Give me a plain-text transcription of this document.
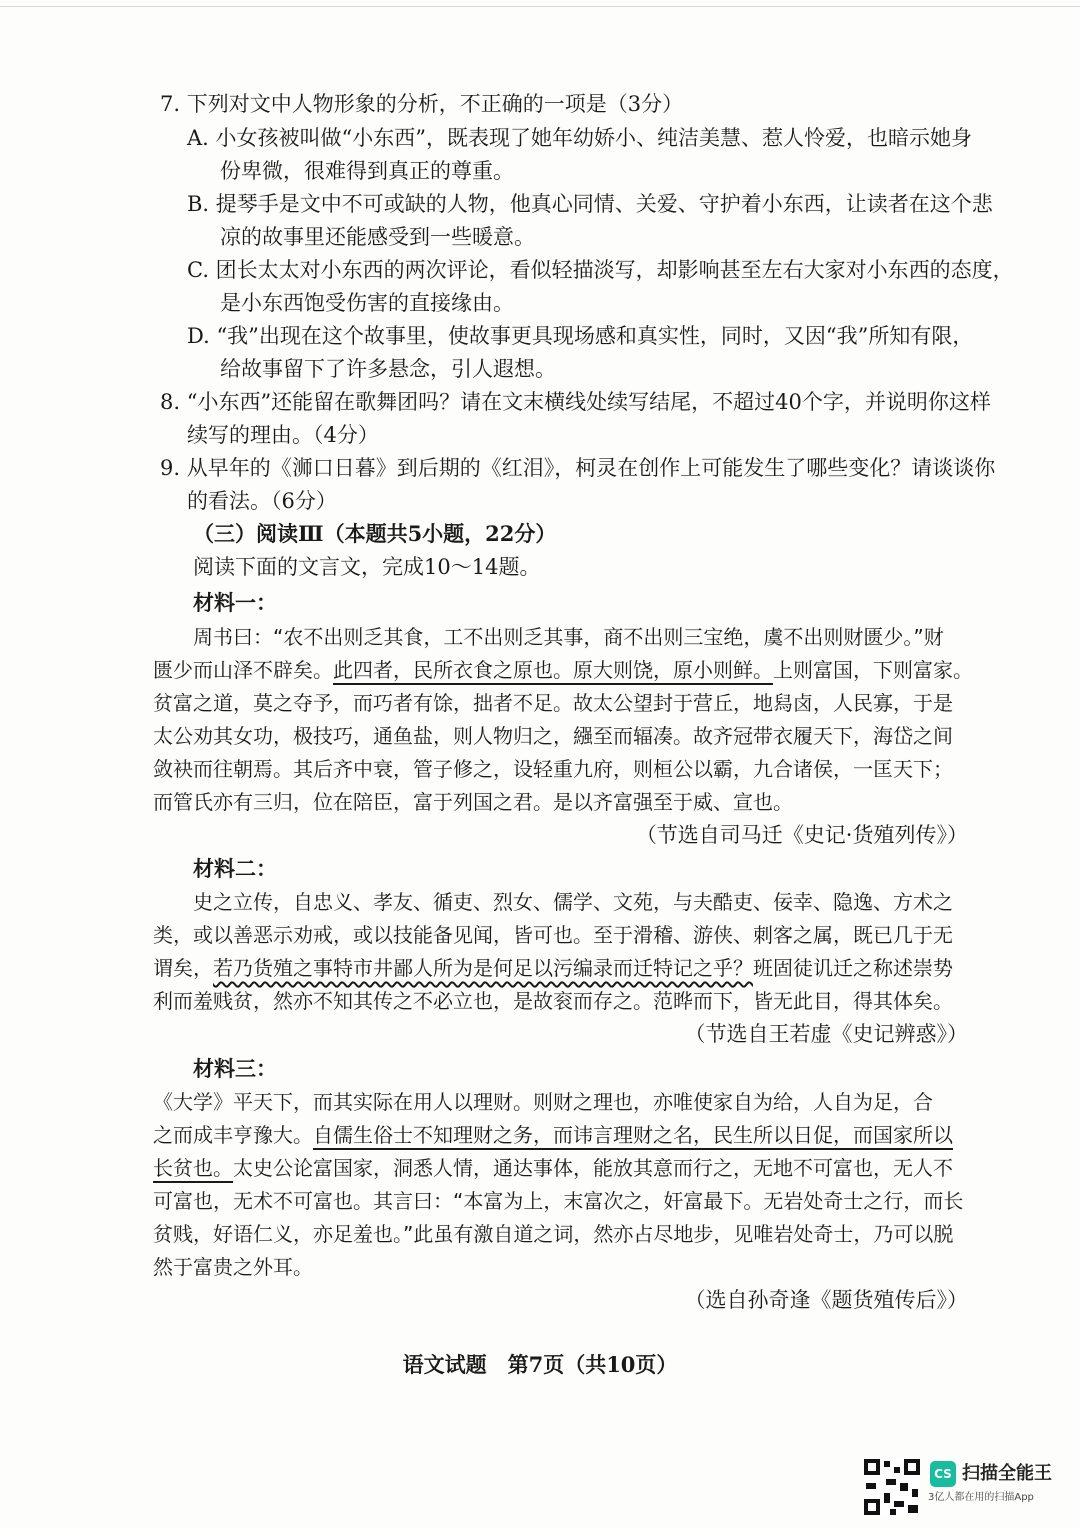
7. 下列对文中人物形象的分析，不正确的一项是（3分）

A. 小女孩被叫做“小东西”，既表现了她年幼娇小、纯洁美慧、惹人怜爱，也暗示她身

份卑微，很难得到真正的尊重。

B. 提琴手是文中不可或缺的人物，他真心同情、关爱、守护着小东西，让读者在这个悲

凉的故事里还能感受到一些暖意。

C. 团长太太对小东西的两次评论，看似轻描淡写，却影响甚至左右大家对小东西的态度，

是小东西饱受伤害的直接缘由。

D. “我”出现在这个故事里，使故事更具现场感和真实性，同时，又因“我”所知有限，

给故事留下了许多悬念，引人遐想。

8. “小东西”还能留在歌舞团吗？请在文末横线处续写结尾，不超过40个字，并说明你这样

续写的理由。（4分）

9. 从早年的《浉口日暮》到后期的《红泪》，柯灵在创作上可能发生了哪些变化？请谈谈你

的看法。（6分）

（三）阅读Ⅲ（本题共5小题，22分）

阅读下面的文言文，完成10～14题。

材料一：

周书曰：“农不出则乏其食，工不出则乏其事，商不出则三宝绝，虞不出则财匮少。”财

匮少而山泽不辟矣。此四者，民所衣食之原也。原大则饶，原小则鲜。上则富国，下则富家。

贫富之道，莫之夺予，而巧者有馀，拙者不足。故太公望封于营丘，地舄卤，人民寡，于是

太公劝其女功，极技巧，通鱼盐，则人物归之，繦至而辐凑。故齐冠带衣履天下，海岱之间

敛袂而往朝焉。其后齐中衰，管子修之，设轻重九府，则桓公以霸，九合诸侯，一匡天下；

而管氏亦有三归，位在陪臣，富于列国之君。是以齐富强至于威、宣也。

（节选自司马迁《史记·货殖列传》）

材料二：

史之立传，自忠义、孝友、循吏、烈女、儒学、文苑，与夫酷吏、佞幸、隐逸、方术之

类，或以善恶示劝戒，或以技能备见闻，皆可也。至于滑稽、游侠、刺客之属，既已几于无

谓矣，若乃货殖之事特市井鄙人所为是何足以污编录而迁特记之乎？班固徒讥迁之称述崇势

利而羞贱贫，然亦不知其传之不必立也，是故衮而存之。范晔而下，皆无此目，得其体矣。

（节选自王若虚《史记辨惑》）

材料三：

《大学》平天下，而其实际在用人以理财。则财之理也，亦唯使家自为给，人自为足，合

之而成丰亨豫大。自儒生俗士不知理财之务，而讳言理财之名，民生所以日促，而国家所以

长贫也。太史公论富国家，洞悉人情，通达事体，能放其意而行之，无地不可富也，无人不

可富也，无术不可富也。其言曰：“本富为上，末富次之，奸富最下。无岩处奇士之行，而长

贫贱，好语仁义，亦足羞也。”此虽有激自道之词，然亦占尽地步，见唯岩处奇士，乃可以脱

然于富贵之外耳。

（选自孙奇逢《题货殖传后》）

语文试题　第7页（共10页）

CS 扫描全能王
3亿人都在用的扫描App
